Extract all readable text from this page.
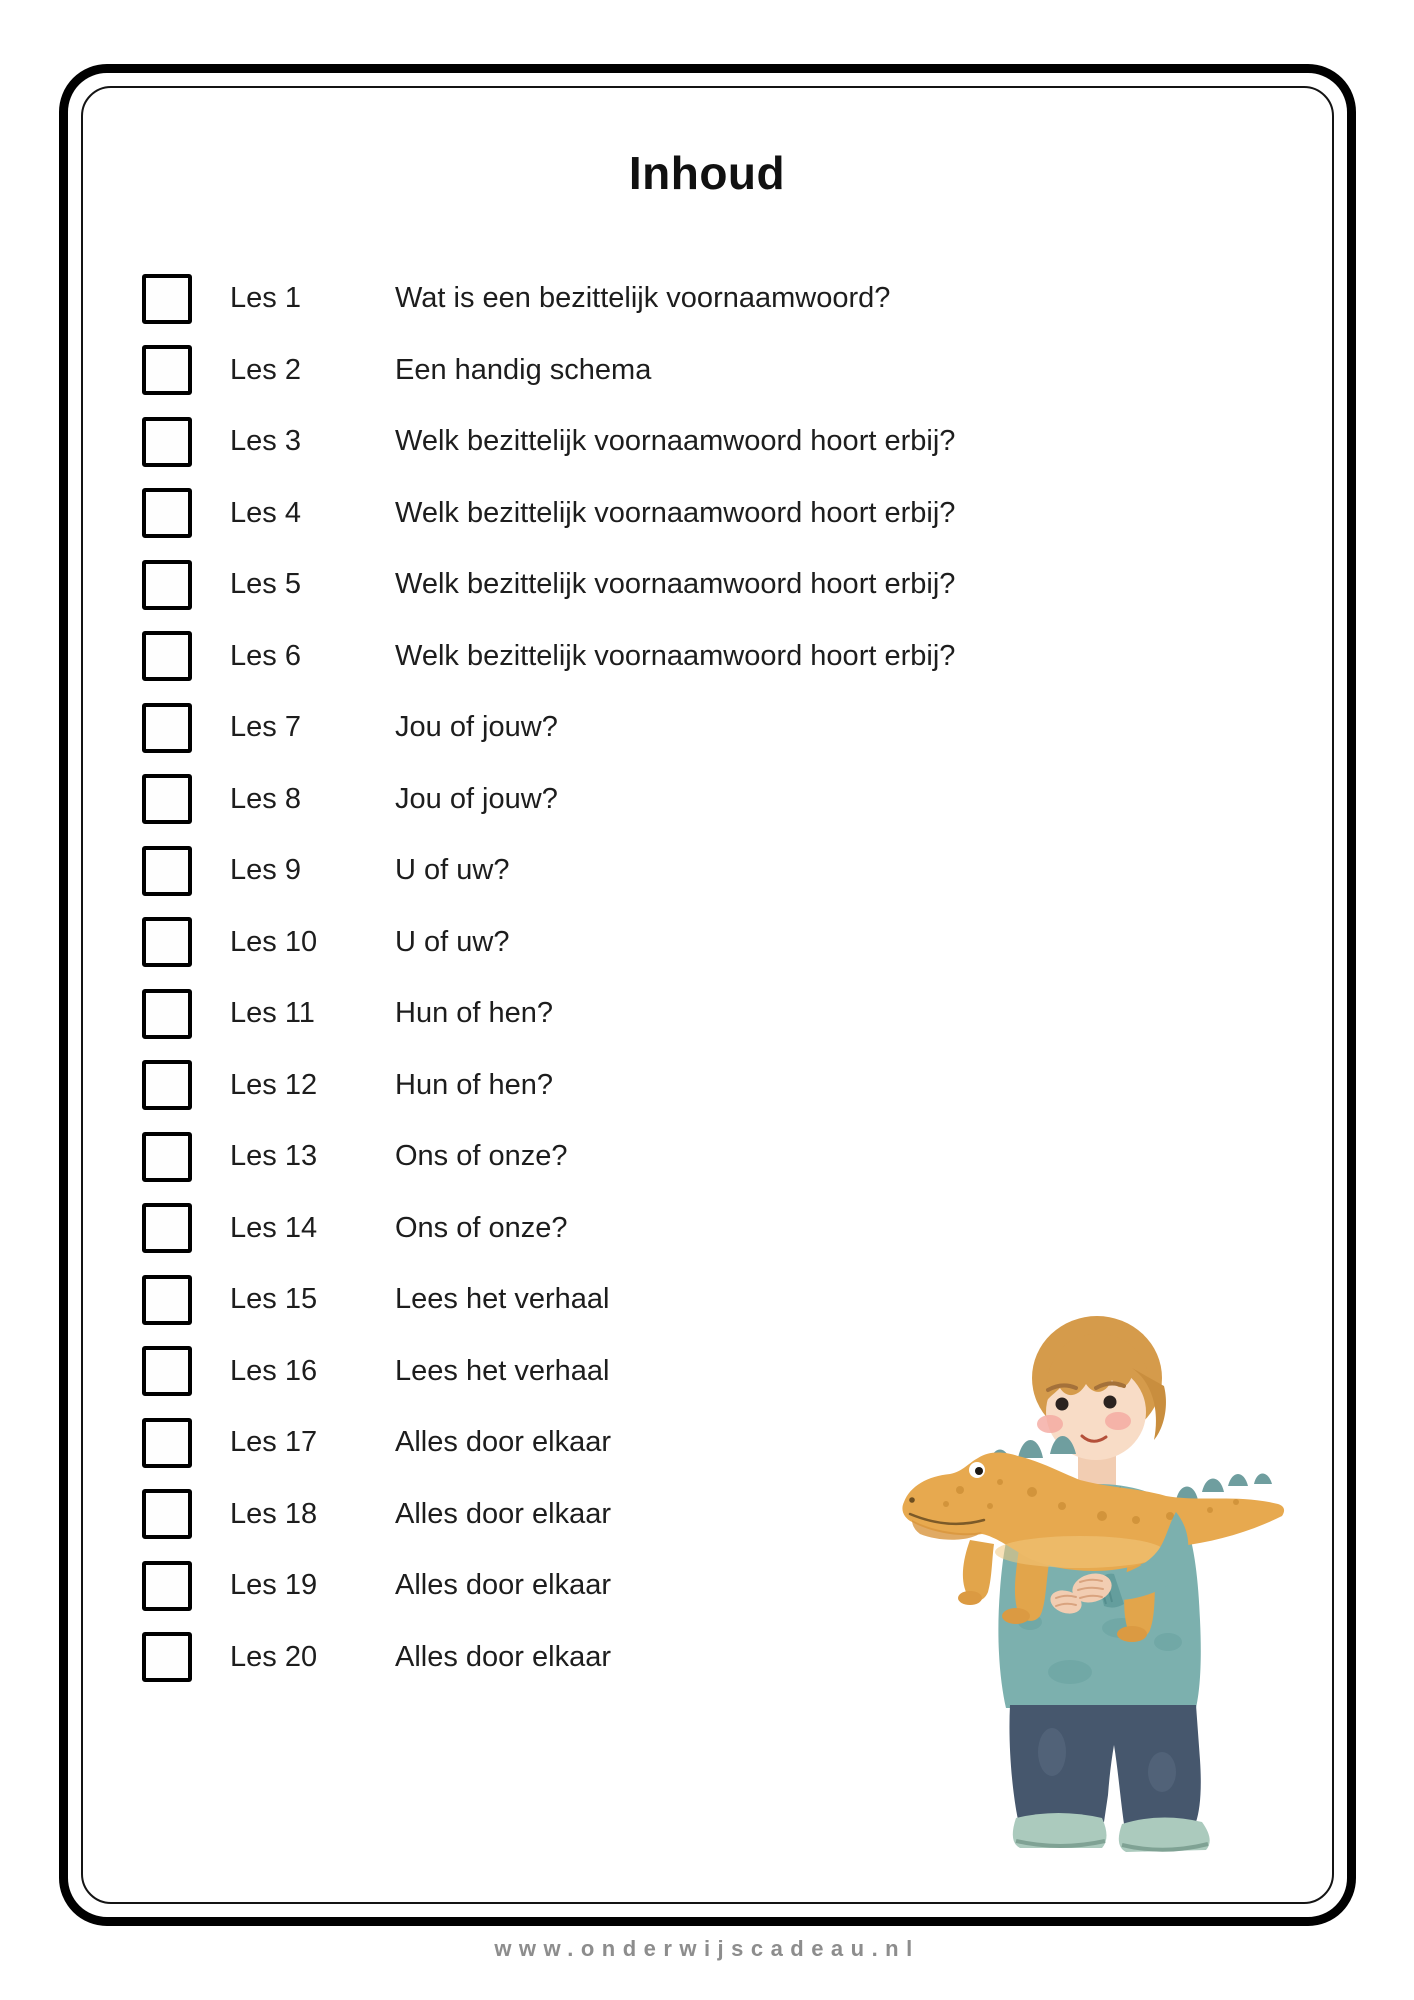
Inhoud
Les 1	Wat is een bezittelijk voornaamwoord?
Les 2	Een handig schema
Les 3	Welk bezittelijk voornaamwoord hoort erbij?
Les 4	Welk bezittelijk voornaamwoord hoort erbij?
Les 5	Welk bezittelijk voornaamwoord hoort erbij?
Les 6	Welk bezittelijk voornaamwoord hoort erbij?
Les 7	Jou of jouw?
Les 8	Jou of jouw?
Les 9	U of uw?
Les 10	U of uw?
Les 11	Hun of hen?
Les 12	Hun of hen?
Les 13	Ons of onze?
Les 14	Ons of onze?
Les 15	Lees het verhaal
Les 16	Lees het verhaal
Les 17	Alles door elkaar
Les 18	Alles door elkaar
Les 19	Alles door elkaar
Les 20	Alles door elkaar
www.onderwijscadeau.nl
